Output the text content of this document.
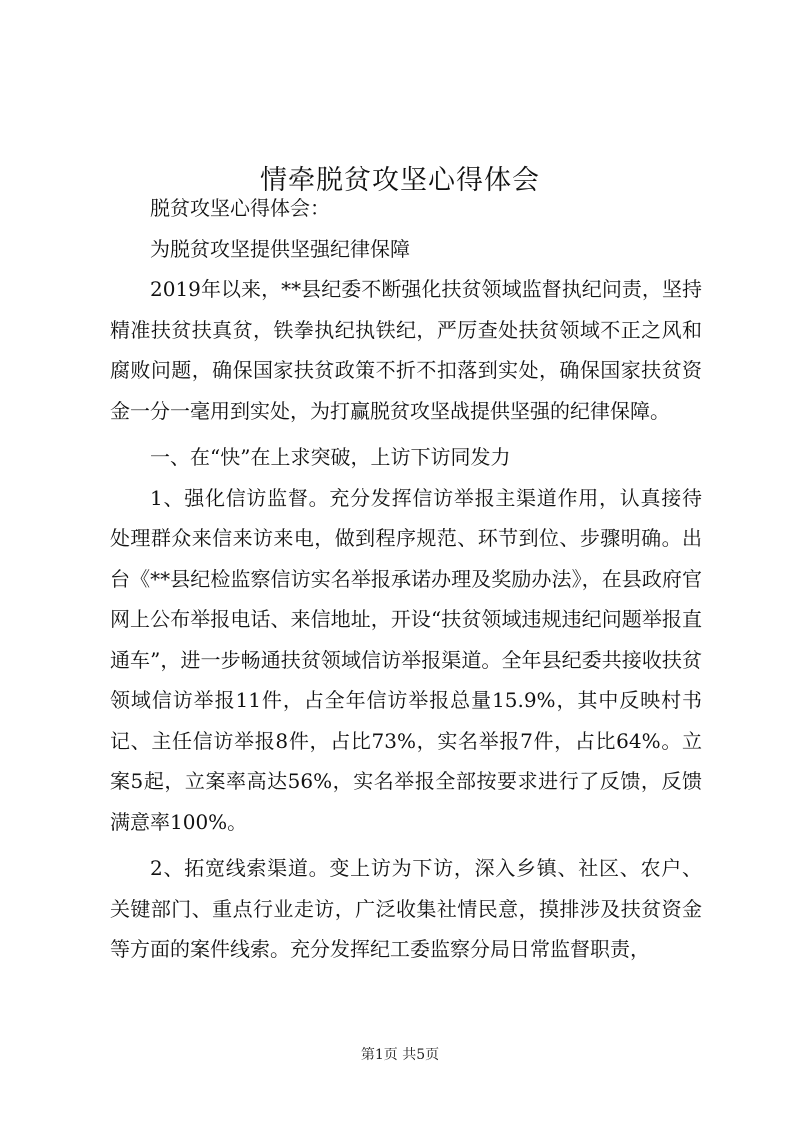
情牵脱贫攻坚心得体会

脱贫攻坚心得体会：

为脱贫攻坚提供坚强纪律保障

2019年以来，**县纪委不断强化扶贫领域监督执纪问责，坚持精准扶贫扶真贫，铁拳执纪执铁纪，严厉查处扶贫领域不正之风和腐败问题，确保国家扶贫政策不折不扣落到实处，确保国家扶贫资金一分一毫用到实处，为打赢脱贫攻坚战提供坚强的纪律保障。

一、在“快”在上求突破，上访下访同发力

1、强化信访监督。充分发挥信访举报主渠道作用，认真接待处理群众来信来访来电，做到程序规范、环节到位、步骤明确。出台《**县纪检监察信访实名举报承诺办理及奖励办法》，在县政府官网上公布举报电话、来信地址，开设“扶贫领域违规违纪问题举报直通车”，进一步畅通扶贫领域信访举报渠道。全年县纪委共接收扶贫领域信访举报11件，占全年信访举报总量15.9%，其中反映村书记、主任信访举报8件，占比73%，实名举报7件，占比64%。立案5起，立案率高达56%，实名举报全部按要求进行了反馈，反馈满意率100%。

2、拓宽线索渠道。变上访为下访，深入乡镇、社区、农户、关键部门、重点行业走访，广泛收集社情民意，摸排涉及扶贫资金等方面的案件线索。充分发挥纪工委监察分局日常监督职责，

第1页 共5页
